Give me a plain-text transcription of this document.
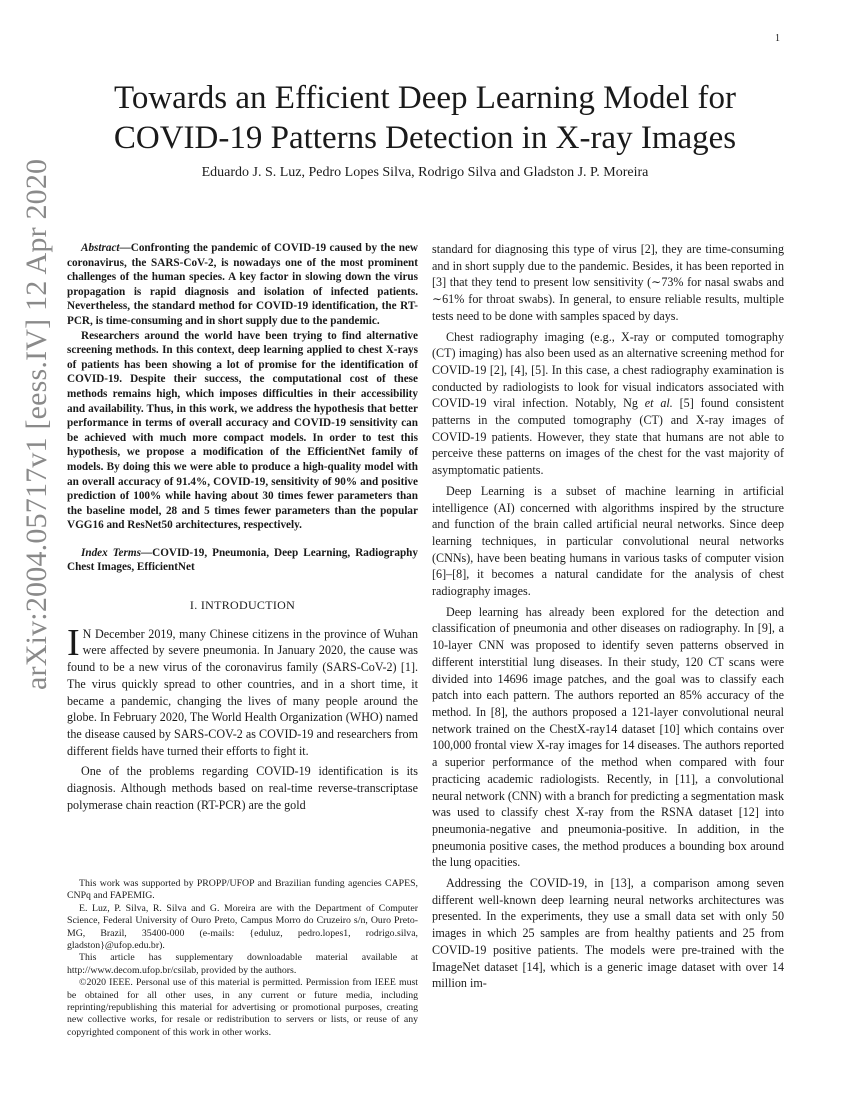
1
arXiv:2004.05717v1 [eess.IV] 12 Apr 2020
Towards an Efficient Deep Learning Model for COVID-19 Patterns Detection in X-ray Images
Eduardo J. S. Luz, Pedro Lopes Silva, Rodrigo Silva and Gladston J. P. Moreira

Abstract—Confronting the pandemic of COVID-19 caused by the new coronavirus, the SARS-CoV-2, is nowadays one of the most prominent challenges of the human species. A key factor in slowing down the virus propagation is rapid diagnosis and isolation of infected patients. Nevertheless, the standard method for COVID-19 identification, the RT-PCR, is time-consuming and in short supply due to the pandemic.

Researchers around the world have been trying to find alternative screening methods. In this context, deep learning applied to chest X-rays of patients has been showing a lot of promise for the identification of COVID-19. Despite their success, the computational cost of these methods remains high, which imposes difficulties in their accessibility and availability. Thus, in this work, we address the hypothesis that better performance in terms of overall accuracy and COVID-19 sensitivity can be achieved with much more compact models. In order to test this hypothesis, we propose a modification of the EfficientNet family of models. By doing this we were able to produce a high-quality model with an overall accuracy of 91.4%, COVID-19, sensitivity of 90% and positive prediction of 100% while having about 30 times fewer parameters than the baseline model, 28 and 5 times fewer parameters than the popular VGG16 and ResNet50 architectures, respectively.

Index Terms—COVID-19, Pneumonia, Deep Learning, Radiography Chest Images, EfficientNet

I. INTRODUCTION

I N December 2019, many Chinese citizens in the province of Wuhan were affected by severe pneumonia. In January 2020, the cause was found to be a new virus of the coronavirus family (SARS-CoV-2) [1]. The virus quickly spread to other countries, and in a short time, it became a pandemic, changing the lives of many people around the globe. In February 2020, The World Health Organization (WHO) named the disease caused by SARS-COV-2 as COVID-19 and researchers from different fields have turned their efforts to fight it.

One of the problems regarding COVID-19 identification is its diagnosis. Although methods based on real-time reverse-transcriptase polymerase chain reaction (RT-PCR) are the gold

This work was supported by PROPP/UFOP and Brazilian funding agencies CAPES, CNPq and FAPEMIG.

E. Luz, P. Silva, R. Silva and G. Moreira are with the Department of Computer Science, Federal University of Ouro Preto, Campus Morro do Cruzeiro s/n, Ouro Preto-MG, Brazil, 35400-000 (e-mails: {eduluz, pedro.lopes1, rodrigo.silva, gladston}@ufop.edu.br).

This article has supplementary downloadable material available at http://www.decom.ufop.br/csilab, provided by the authors.

©2020 IEEE. Personal use of this material is permitted. Permission from IEEE must be obtained for all other uses, in any current or future media, including reprinting/republishing this material for advertising or promotional purposes, creating new collective works, for resale or redistribution to servers or lists, or reuse of any copyrighted component of this work in other works.

standard for diagnosing this type of virus [2], they are time-consuming and in short supply due to the pandemic. Besides, it has been reported in [3] that they tend to present low sensitivity (∼73% for nasal swabs and ∼61% for throat swabs). In general, to ensure reliable results, multiple tests need to be done with samples spaced by days.

Chest radiography imaging (e.g., X-ray or computed tomography (CT) imaging) has also been used as an alternative screening method for COVID-19 [2], [4], [5]. In this case, a chest radiography examination is conducted by radiologists to look for visual indicators associated with COVID-19 viral infection. Notably, Ng et al. [5] found consistent patterns in the computed tomography (CT) and X-ray images of COVID-19 patients. However, they state that humans are not able to perceive these patterns on images of the chest for the vast majority of asymptomatic patients.

Deep Learning is a subset of machine learning in artificial intelligence (AI) concerned with algorithms inspired by the structure and function of the brain called artificial neural networks. Since deep learning techniques, in particular convolutional neural networks (CNNs), have been beating humans in various tasks of computer vision [6]–[8], it becomes a natural candidate for the analysis of chest radiography images.

Deep learning has already been explored for the detection and classification of pneumonia and other diseases on radiography. In [9], a 10-layer CNN was proposed to identify seven patterns observed in different interstitial lung diseases. In their study, 120 CT scans were divided into 14696 image patches, and the goal was to classify each patch into each pattern. The authors reported an 85% accuracy of the method. In [8], the authors proposed a 121-layer convolutional neural network trained on the ChestX-ray14 dataset [10] which contains over 100,000 frontal view X-ray images for 14 diseases. The authors reported a superior performance of the method when compared with four practicing academic radiologists. Recently, in [11], a convolutional neural network (CNN) with a branch for predicting a segmentation mask was used to classify chest X-ray from the RSNA dataset [12] into pneumonia-negative and pneumonia-positive. In addition, in the pneumonia positive cases, the method produces a bounding box around the lung opacities.

Addressing the COVID-19, in [13], a comparison among seven different well-known deep learning neural networks architectures was presented. In the experiments, they use a small data set with only 50 images in which 25 samples are from healthy patients and 25 from COVID-19 positive patients. The models were pre-trained with the ImageNet dataset [14], which is a generic image dataset with over 14 million im-
